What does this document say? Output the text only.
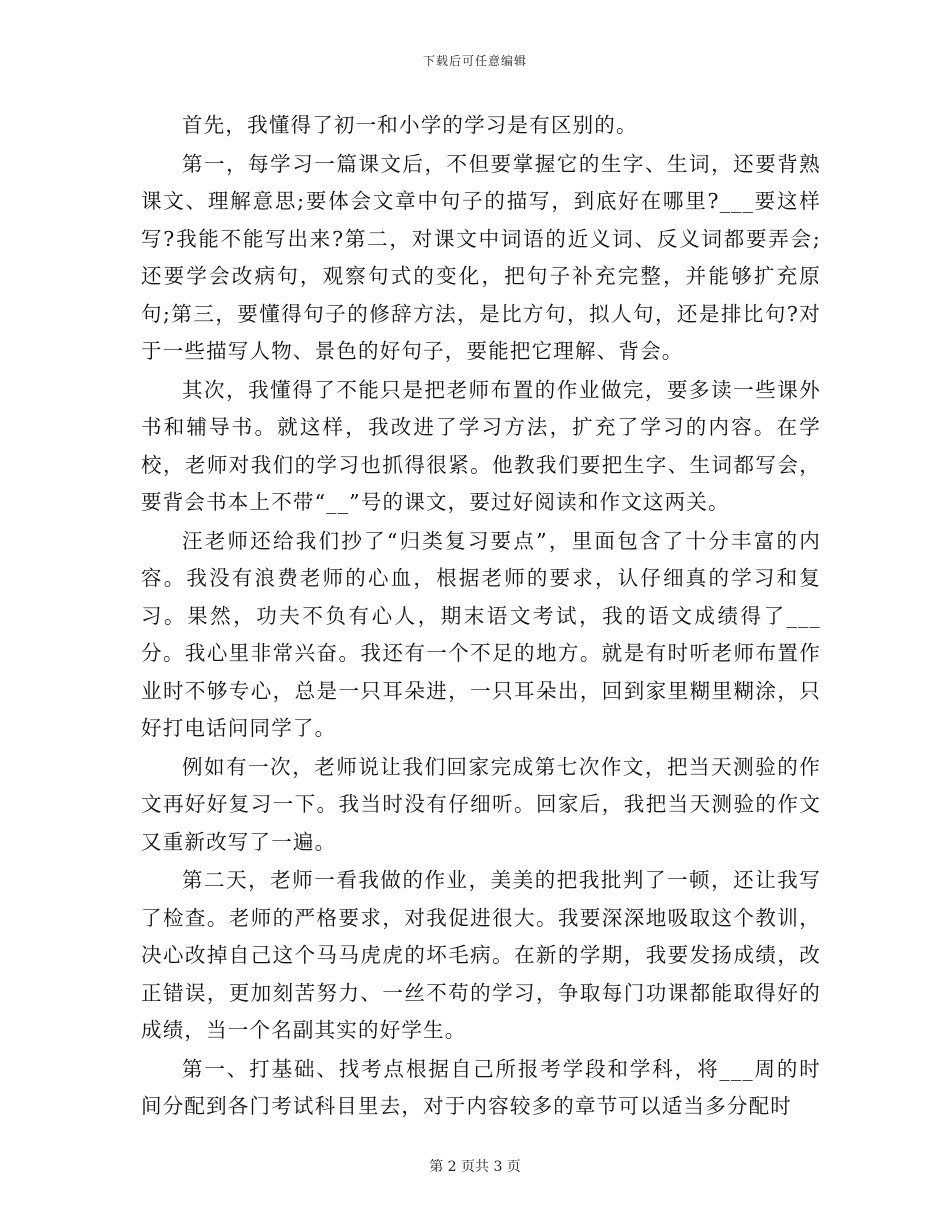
下载后可任意编辑

首先，我懂得了初一和小学的学习是有区别的。

第一，每学习一篇课文后，不但要掌握它的生字、生词，还要背熟课文、理解意思;要体会文章中句子的描写，到底好在哪里?___要这样写?我能不能写出来?第二，对课文中词语的近义词、反义词都要弄会;还要学会改病句，观察句式的变化，把句子补充完整，并能够扩充原句;第三，要懂得句子的修辞方法，是比方句，拟人句，还是排比句?对于一些描写人物、景色的好句子，要能把它理解、背会。

其次，我懂得了不能只是把老师布置的作业做完，要多读一些课外书和辅导书。就这样，我改进了学习方法，扩充了学习的内容。在学校，老师对我们的学习也抓得很紧。他教我们要把生字、生词都写会，要背会书本上不带“__”号的课文，要过好阅读和作文这两关。

汪老师还给我们抄了“归类复习要点”，里面包含了十分丰富的内容。我没有浪费老师的心血，根据老师的要求，认仔细真的学习和复习。果然，功夫不负有心人，期末语文考试，我的语文成绩得了___分。我心里非常兴奋。我还有一个不足的地方。就是有时听老师布置作业时不够专心，总是一只耳朵进，一只耳朵出，回到家里糊里糊涂，只好打电话问同学了。

例如有一次，老师说让我们回家完成第七次作文，把当天测验的作文再好好复习一下。我当时没有仔细听。回家后，我把当天测验的作文又重新改写了一遍。

第二天，老师一看我做的作业，美美的把我批判了一顿，还让我写了检查。老师的严格要求，对我促进很大。我要深深地吸取这个教训，决心改掉自己这个马马虎虎的坏毛病。在新的学期，我要发扬成绩，改正错误，更加刻苦努力、一丝不苟的学习，争取每门功课都能取得好的成绩，当一个名副其实的好学生。

第一、打基础、找考点根据自己所报考学段和学科，将___周的时间分配到各门考试科目里去，对于内容较多的章节可以适当多分配时

第 2 页共 3 页
